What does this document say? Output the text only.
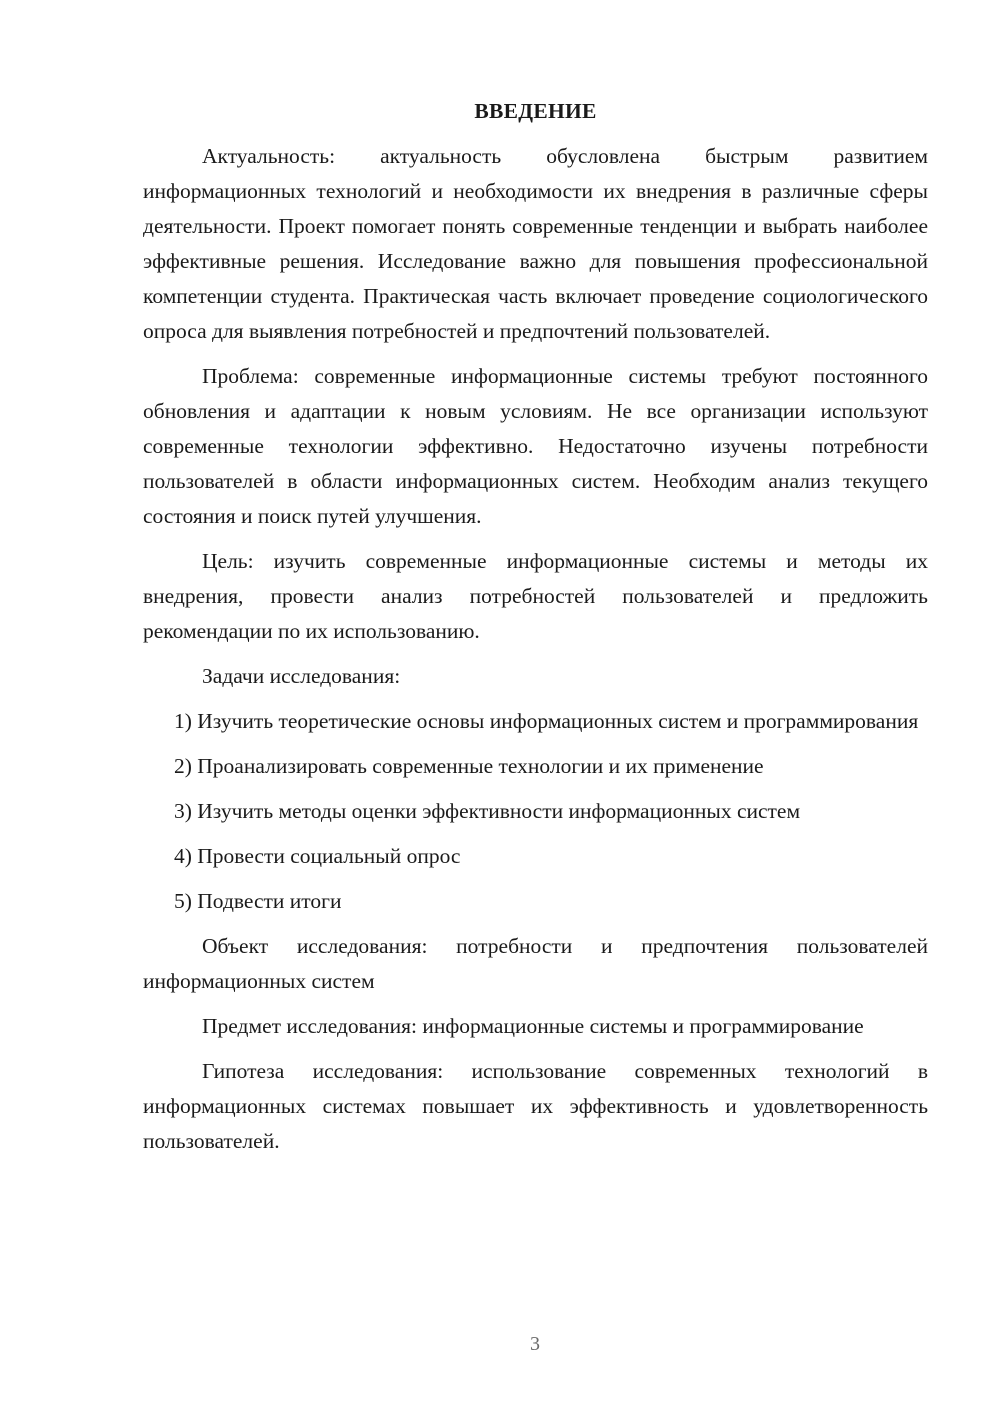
ВВЕДЕНИЕ

Актуальность: актуальность обусловлена быстрым развитием информационных технологий и необходимости их внедрения в различные сферы деятельности. Проект помогает понять современные тенденции и выбрать наиболее эффективные решения. Исследование важно для повышения профессиональной компетенции студента. Практическая часть включает проведение социологического опроса для выявления потребностей и предпочтений пользователей.

Проблема: современные информационные системы требуют постоянного обновления и адаптации к новым условиям. Не все организации используют современные технологии эффективно. Недостаточно изучены потребности пользователей в области информационных систем. Необходим анализ текущего состояния и поиск путей улучшения.

Цель: изучить современные информационные системы и методы их внедрения, провести анализ потребностей пользователей и предложить рекомендации по их использованию.

Задачи исследования:

1) Изучить теоретические основы информационных систем и программирования

2) Проанализировать современные технологии и их применение

3) Изучить методы оценки эффективности информационных систем

4) Провести социальный опрос

5) Подвести итоги

Объект исследования: потребности и предпочтения пользователей информационных систем

Предмет исследования: информационные системы и программирование

Гипотеза исследования: использование современных технологий в информационных системах повышает их эффективность и удовлетворенность пользователей.

3
